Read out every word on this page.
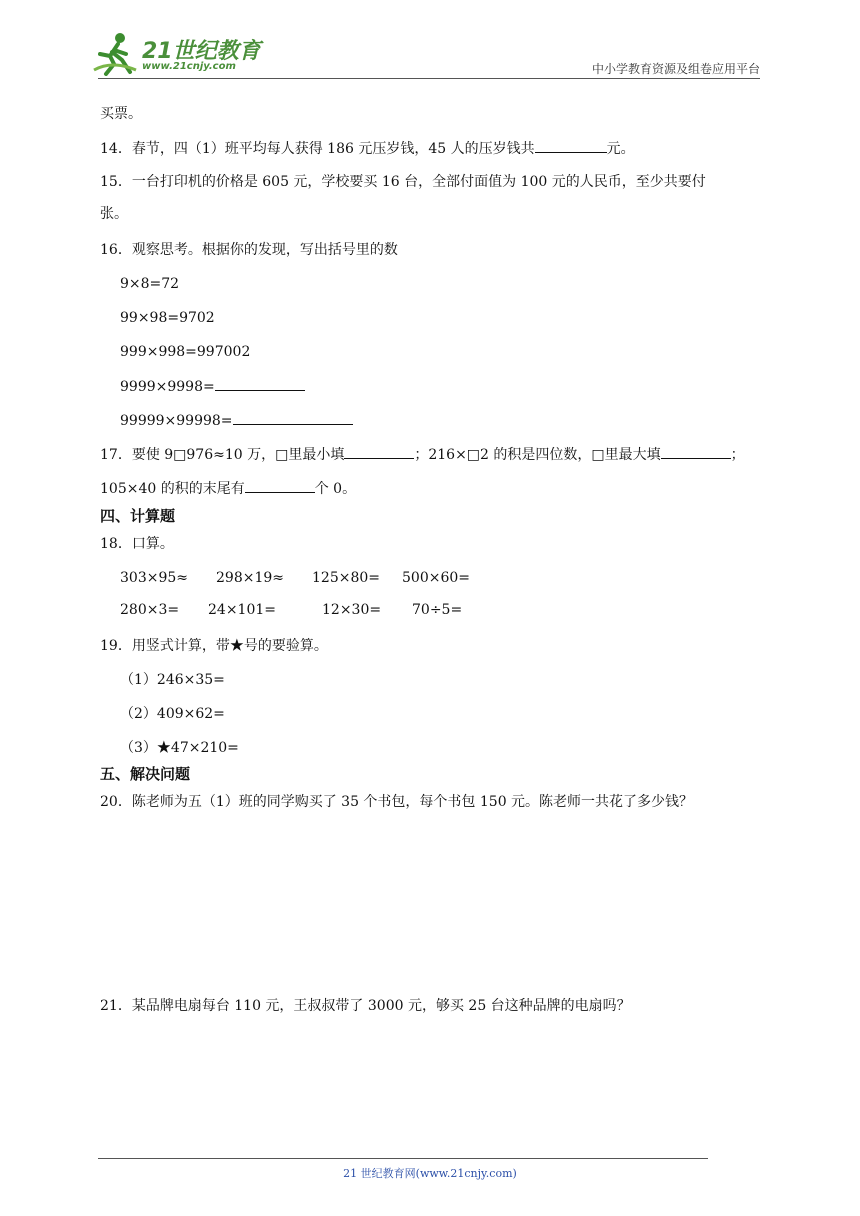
21世纪教育
www.21cnjy.com	中小学教育资源及组卷应用平台
买票。
14．春节，四（1）班平均每人获得 186 元压岁钱，45 人的压岁钱共	元。
15．一台打印机的价格是 605 元，学校要买 16 台，全部付面值为 100 元的人民币，至少共要付
张。
16．观察思考。根据你的发现，写出括号里的数
9×8=72
99×98=9702
999×998=997002
9999×9998=
99999×99998=
17．要使 9□976≈10 万，□里最小填	；216×□2 的积是四位数，□里最大填	；
105×40 的积的末尾有	个 0。
四、计算题
18．口算。
303×95≈ 298×19≈ 125×80= 500×60=
280×3= 24×101=	12×30= 70÷5=
19．用竖式计算，带★号的要验算。
（1）246×35=
（2）409×62=
（3）★47×210=
五、解决问题
20．陈老师为五（1）班的同学购买了 35 个书包，每个书包 150 元。陈老师一共花了多少钱？
21．某品牌电扇每台 110 元，王叔叔带了 3000 元，够买 25 台这种品牌的电扇吗？
21 世纪教育网(www.21cnjy.com)
